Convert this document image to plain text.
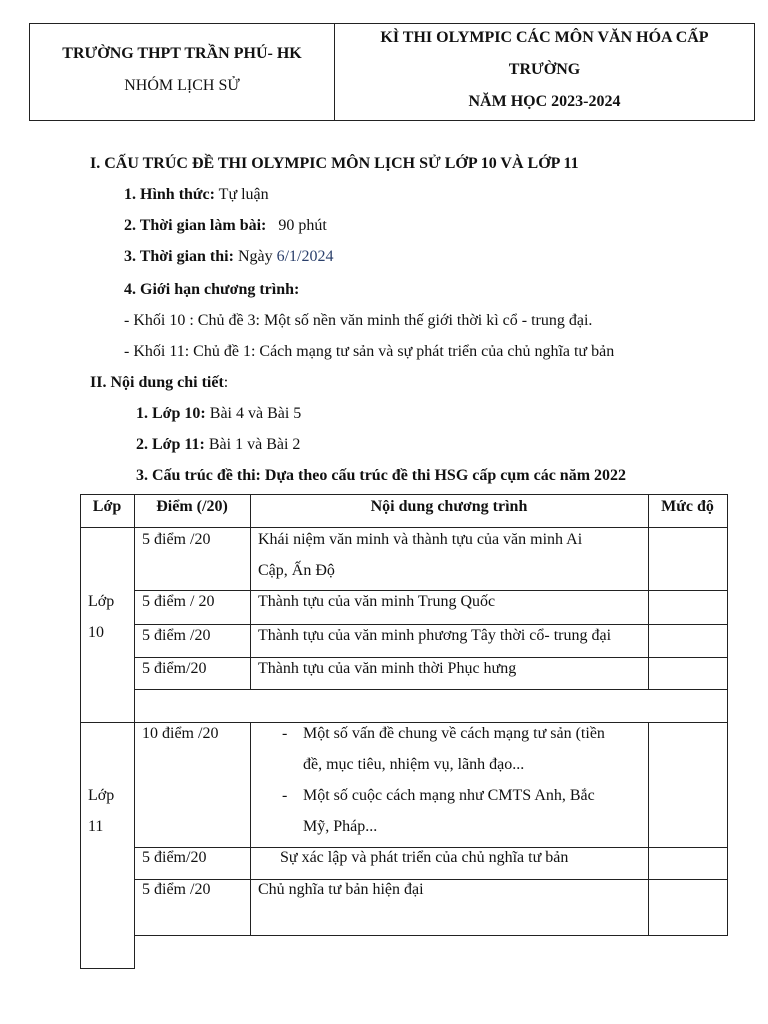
TRƯỜNG THPT TRẦN PHÚ- HK
NHÓM LỊCH SỬ
KÌ THI OLYMPIC CÁC MÔN VĂN HÓA CẤP
TRƯỜNG
NĂM HỌC 2023-2024
I. CẤU TRÚC ĐỀ THI OLYMPIC MÔN LỊCH SỬ LỚP 10 VÀ LỚP 11
1. Hình thức: Tự luận
2. Thời gian làm bài: 90 phút
3. Thời gian thi: Ngày 6/1/2024
4. Giới hạn chương trình:
- Khối 10 : Chủ đề 3: Một số nền văn minh thế giới thời kì cổ - trung đại.
- Khối 11: Chủ đề 1: Cách mạng tư sản và sự phát triển của chủ nghĩa tư bản
II. Nội dung chi tiết:
1. Lớp 10: Bài 4 và Bài 5
2. Lớp 11: Bài 1 và Bài 2
3. Cấu trúc đề thi: Dựa theo cấu trúc đề thi HSG cấp cụm các năm 2022
Lớp	Điểm (/20)	Nội dung chương trình	Mức độ
Lớp
10
5 điểm /20	Khái niệm văn minh và thành tựu của văn minh Ai
Cập, Ấn Độ
5 điểm / 20	Thành tựu của văn minh Trung Quốc
5 điểm /20	Thành tựu của văn minh phương Tây thời cổ- trung đại
5 điểm/20	Thành tựu của văn minh thời Phục hưng
Lớp
11
10 điểm /20	- Một số vấn đề chung về cách mạng tư sản (tiền
đề, mục tiêu, nhiệm vụ, lãnh đạo...
- Một số cuộc cách mạng như CMTS Anh, Bắc
Mỹ, Pháp...
5 điểm/20	Sự xác lập và phát triển của chủ nghĩa tư bản
5 điểm /20	Chủ nghĩa tư bản hiện đại
